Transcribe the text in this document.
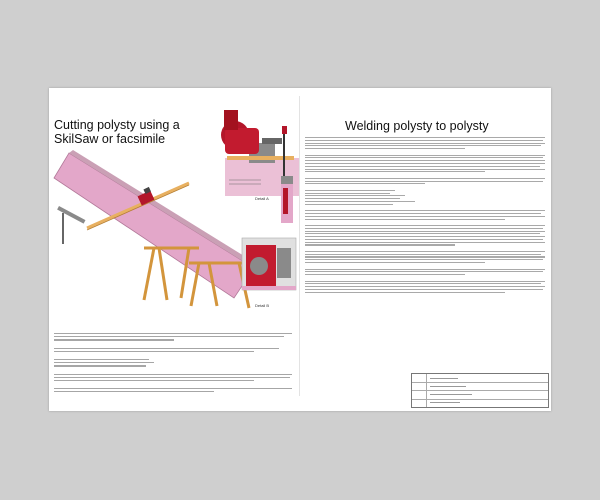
Cutting polysty using a SkilSaw or facsimile
Welding polysty to polysty
Detail A
Detail B
